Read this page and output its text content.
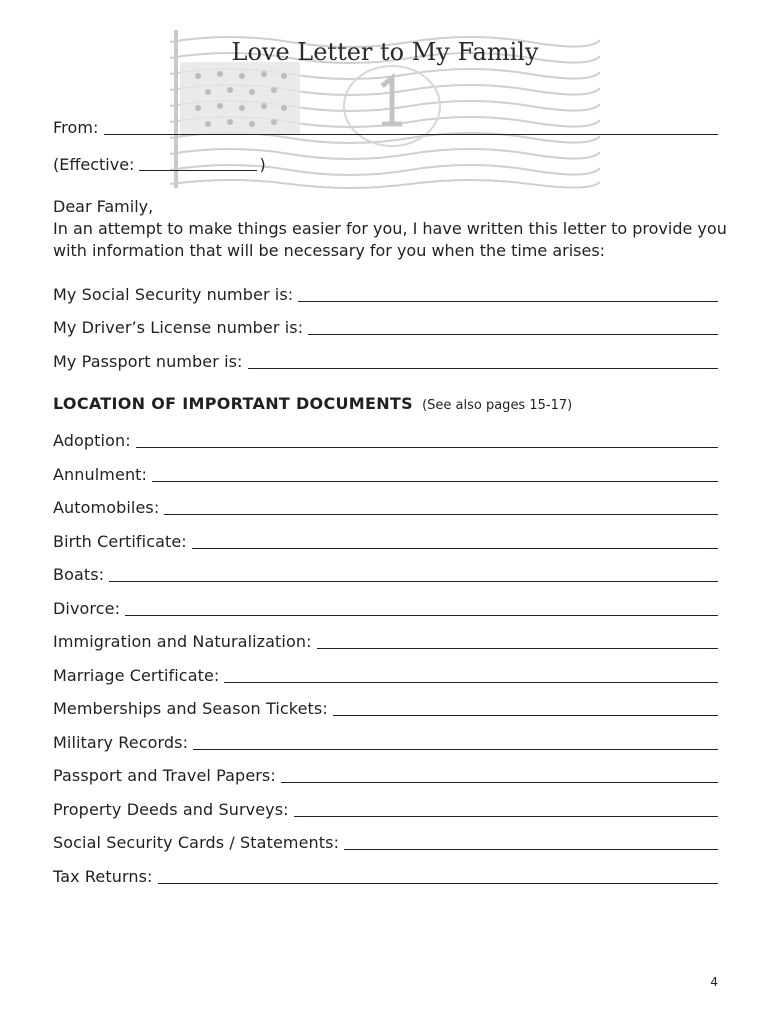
Love Letter to My Family
From:
(Effective:	)
Dear Family,
In an attempt to make things easier for you, I have written this letter to provide you with information that will be necessary for you when the time arises:
My Social Security number is:
My Driver’s License number is:
My Passport number is:
LOCATION OF IMPORTANT DOCUMENTS (See also pages 15-17)
Adoption:
Annulment:
Automobiles:
Birth Certificate:
Boats:
Divorce:
Immigration and Naturalization:
Marriage Certificate:
Memberships and Season Tickets:
Military Records:
Passport and Travel Papers:
Property Deeds and Surveys:
Social Security Cards / Statements:
Tax Returns:
4
